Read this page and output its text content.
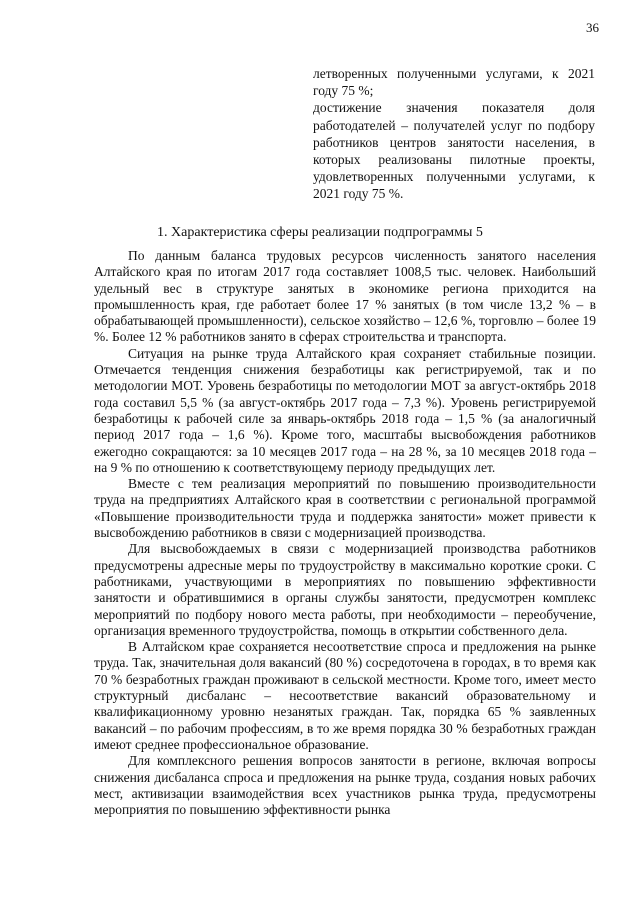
36

летворенных полученными услугами, к 2021 году 75 %;

достижение значения показателя доля работодателей – получателей услуг по подбору работников центров занятости населения, в которых реализованы пилотные проекты, удовлетворенных полученными услугами, к 2021 году 75 %.

1. Характеристика сферы реализации подпрограммы 5

По данным баланса трудовых ресурсов численность занятого населения Алтайского края по итогам 2017 года составляет 1008,5 тыс. человек. Наибольший удельный вес в структуре занятых в экономике региона приходится на промышленность края, где работает более 17 % занятых (в том числе 13,2 % – в обрабатывающей промышленности), сельское хозяйство – 12,6 %, торговлю – более 19 %. Более 12 % работников занято в сферах строительства и транспорта.

Ситуация на рынке труда Алтайского края сохраняет стабильные позиции. Отмечается тенденция снижения безработицы как регистрируемой, так и по методологии МОТ. Уровень безработицы по методологии МОТ за август-октябрь 2018 года составил 5,5 % (за август-октябрь 2017 года – 7,3 %). Уровень регистрируемой безработицы к рабочей силе за январь-октябрь 2018 года – 1,5 % (за аналогичный период 2017 года – 1,6 %). Кроме того, масштабы высвобождения работников ежегодно сокращаются: за 10 месяцев 2017 года – на 28 %, за 10 месяцев 2018 года – на 9 % по отношению к соответствующему периоду предыдущих лет.

Вместе с тем реализация мероприятий по повышению производительности труда на предприятиях Алтайского края в соответствии с региональной программой «Повышение производительности труда и поддержка занятости» может привести к высвобождению работников в связи с модернизацией производства.

Для высвобождаемых в связи с модернизацией производства работников предусмотрены адресные меры по трудоустройству в максимально короткие сроки. С работниками, участвующими в мероприятиях по повышению эффективности занятости и обратившимися в органы службы занятости, предусмотрен комплекс мероприятий по подбору нового места работы, при необходимости – переобучение, организация временного трудоустройства, помощь в открытии собственного дела.

В Алтайском крае сохраняется несоответствие спроса и предложения на рынке труда. Так, значительная доля вакансий (80 %) сосредоточена в городах, в то время как 70 % безработных граждан проживают в сельской местности. Кроме того, имеет место структурный дисбаланс – несоответствие вакансий образовательному и квалификационному уровню незанятых граждан. Так, порядка 65 % заявленных вакансий – по рабочим профессиям, в то же время порядка 30 % безработных граждан имеют среднее профессиональное образование.

Для комплексного решения вопросов занятости в регионе, включая вопросы снижения дисбаланса спроса и предложения на рынке труда, создания новых рабочих мест, активизации взаимодействия всех участников рынка труда, предусмотрены мероприятия по повышению эффективности рынка
